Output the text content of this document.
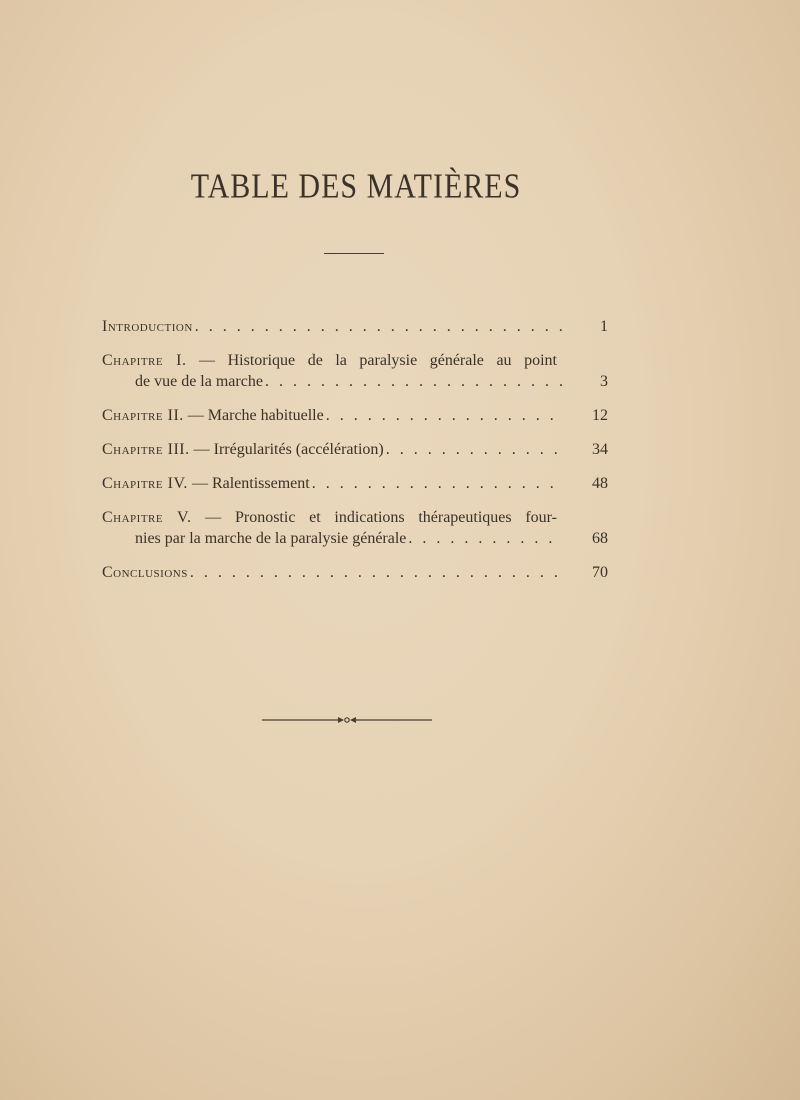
TABLE DES MATIÈRES
Introduction . . .	1
Chapitre I. — Historique de la paralysie générale au point
de vue de la marche . . .	3
Chapitre II.
— Marche habituelle . . .	12
Chapitre III.
— Irrégularités (accélération) . . .	34
Chapitre IV.
— Ralentissement . . .	48
Chapitre V. — Pronostic et indications thérapeutiques four-
nies par la marche de la paralysie générale . . .	68
Conclusions . . .	70
